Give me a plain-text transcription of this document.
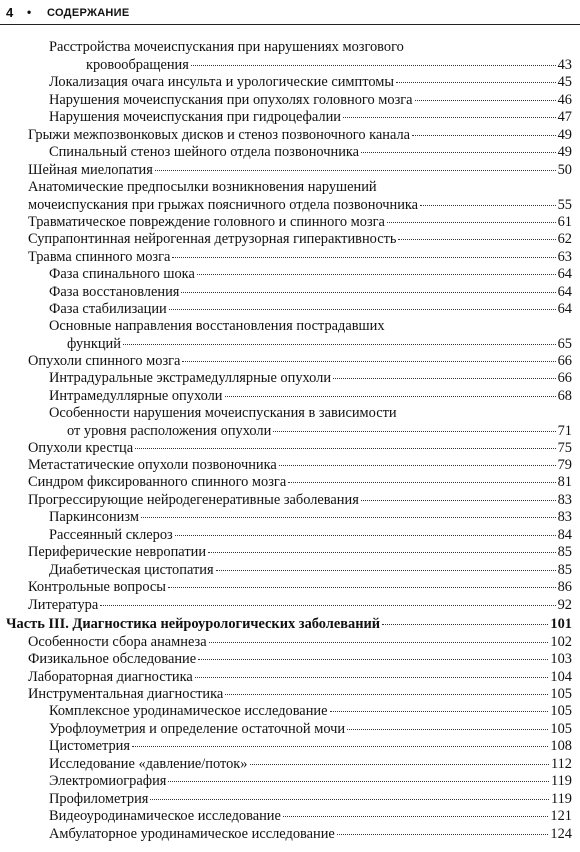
4 • СОДЕРЖАНИЕ
Расстройства мочеиспускания при нарушениях мозгового
кровообращения	43
Локализация очага инсульта и урологические симптомы	45
Нарушения мочеиспускания при опухолях головного мозга	46
Нарушения мочеиспускания при гидроцефалии	47
Грыжи межпозвонковых дисков и стеноз позвоночного канала	49
Спинальный стеноз шейного отдела позвоночника	49
Шейная миелопатия	50
Анатомические предпосылки возникновения нарушений
мочеиспускания при грыжах поясничного отдела позвоночника	55
Травматическое повреждение головного и спинного мозга	61
Супрапонтинная нейрогенная детрузорная гиперактивность	62
Травма спинного мозга	63
Фаза спинального шока	64
Фаза восстановления	64
Фаза стабилизации	64
Основные направления восстановления пострадавших
функций	65
Опухоли спинного мозга	66
Интрадуральные экстрамедуллярные опухоли	66
Интрамедуллярные опухоли	68
Особенности нарушения мочеиспускания в зависимости
от уровня расположения опухоли	71
Опухоли крестца	75
Метастатические опухоли позвоночника	79
Синдром фиксированного спинного мозга	81
Прогрессирующие нейродегенеративные заболевания	83
Паркинсонизм	83
Рассеянный склероз	84
Периферические невропатии	85
Диабетическая цистопатия	85
Контрольные вопросы	86
Литература	92
Часть III. Диагностика нейроурологических заболеваний	101
Особенности сбора анамнеза	102
Физикальное обследование	103
Лабораторная диагностика	104
Инструментальная диагностика	105
Комплексное уродинамическое исследование	105
Урофлоуметрия и определение остаточной мочи	105
Цистометрия	108
Исследование «давление/поток»	112
Электромиография	119
Профилометрия	119
Видеоуродинамическое исследование	121
Амбулаторное уродинамическое исследование	124
